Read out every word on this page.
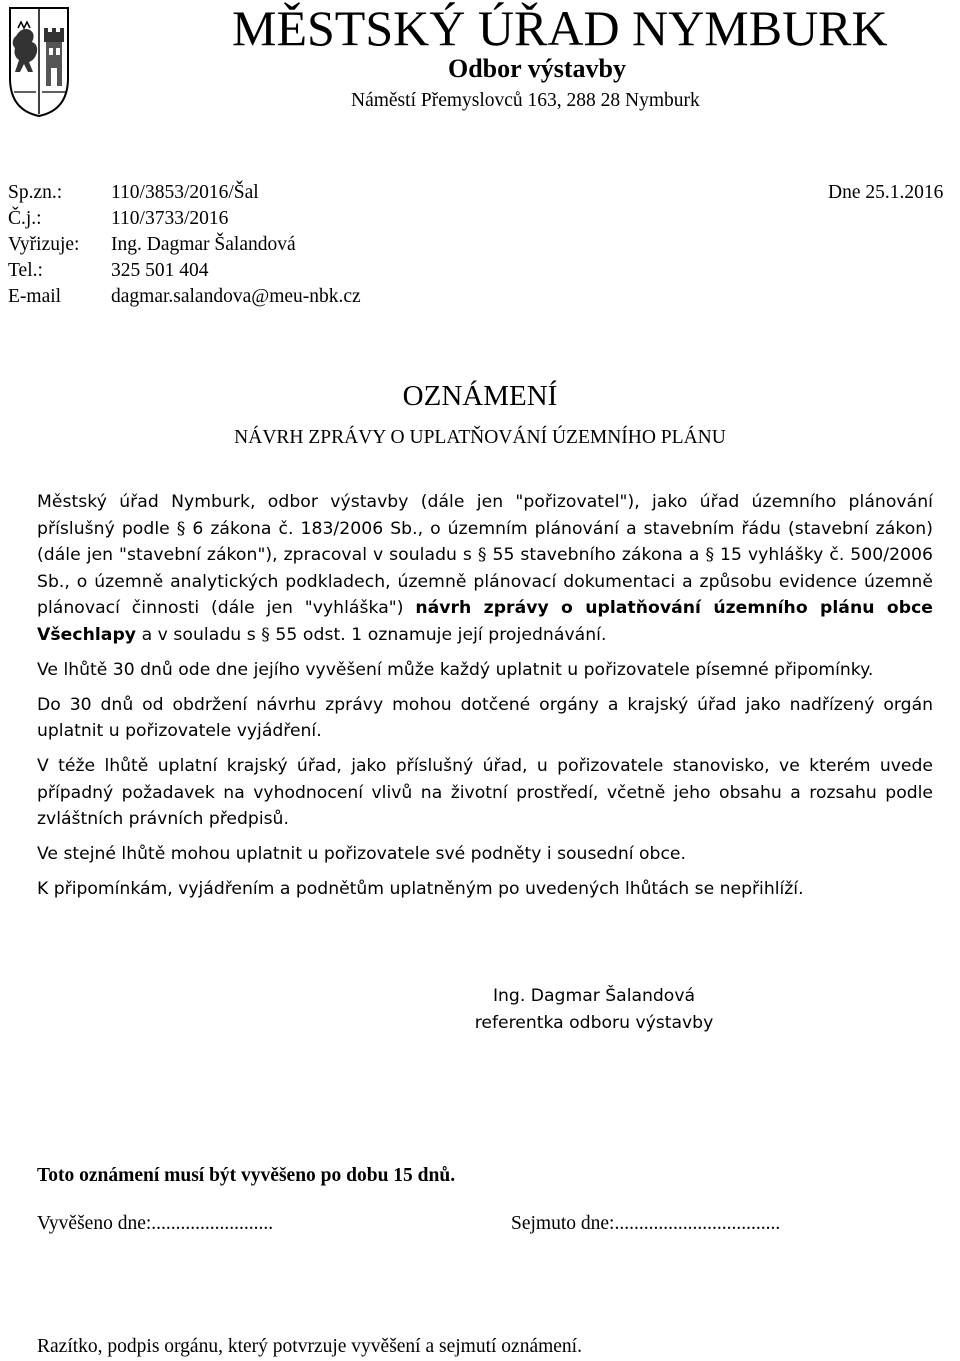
MĚSTSKÝ ÚŘAD NYMBURK
Odbor výstavby
Náměstí Přemyslovců 163, 288 28 Nymburk
Sp.zn.:	110/3853/2016/Šal
Č.j.:	110/3733/2016
Vyřizuje:	Ing. Dagmar Šalandová
Tel.:	325 501 404
E-mail	dagmar.salandova@meu-nbk.cz
Dne 25.1.2016
OZNÁMENÍ
NÁVRH ZPRÁVY O UPLATŇOVÁNÍ ÚZEMNÍHO PLÁNU

Městský úřad Nymburk, odbor výstavby (dále jen "pořizovatel"), jako úřad územního plánování příslušný podle § 6 zákona č. 183/2006 Sb., o územním plánování a stavebním řádu (stavební zákon) (dále jen "stavební zákon"), zpracoval v souladu s § 55 stavebního zákona a § 15 vyhlášky č. 500/2006 Sb., o územně analytických podkladech, územně plánovací dokumentaci a způsobu evidence územně plánovací činnosti (dále jen "vyhláška") návrh zprávy o uplatňování územního plánu obce Všechlapy a v souladu s § 55 odst. 1 oznamuje její projednávání.

Ve lhůtě 30 dnů ode dne jejího vyvěšení může každý uplatnit u pořizovatele písemné připomínky.

Do 30 dnů od obdržení návrhu zprávy mohou dotčené orgány a krajský úřad jako nadřízený orgán uplatnit u pořizovatele vyjádření.

V téže lhůtě uplatní krajský úřad, jako příslušný úřad, u pořizovatele stanovisko, ve kterém uvede případný požadavek na vyhodnocení vlivů na životní prostředí, včetně jeho obsahu a rozsahu podle zvláštních právních předpisů.

Ve stejné lhůtě mohou uplatnit u pořizovatele své podněty i sousední obce.

K připomínkám, vyjádřením a podnětům uplatněným po uvedených lhůtách se nepřihlíží.

Ing. Dagmar Šalandová
referentka odboru výstavby
Toto oznámení musí být vyvěšeno po dobu 15 dnů.
Vyvěšeno dne:.........................	Sejmuto dne:..................................
Razítko, podpis orgánu, který potvrzuje vyvěšení a sejmutí oznámení.
